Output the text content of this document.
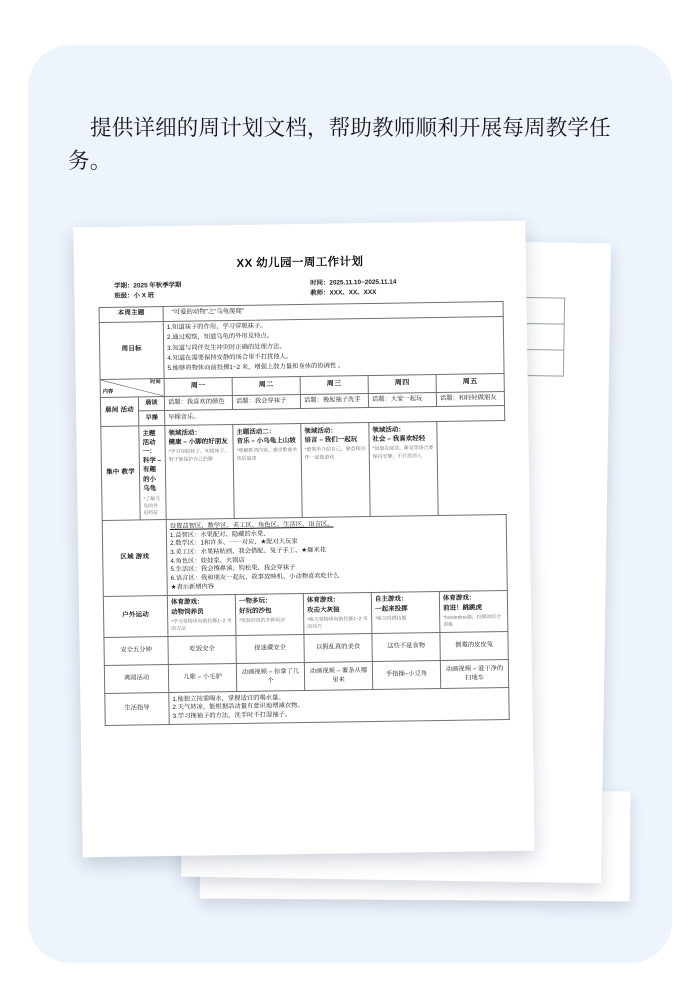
提供详细的周计划文档，帮助教师顺利开展每周教学任务。

XX 幼儿园一周工作计划
学期：2025 年秋季学期
班级：小 X 班
时间：2025.11.10~2025.11.14
教师：XXX、XX、XXX
本周主题		“可爱的动物”之“乌龟爬爬”				
周目标		1.知道袜子的作用，学习穿脱袜子。
2.通过观察，知道乌龟的外形及特点。
3.知道与同伴发生冲突时正确的处理方法。
4.知道在需要保持安静的场合里不打扰他人。
5.能够将物体向前投掷1~2 米，增强上肢力量和身体的协调性 。				

时间
内容		周一	周二	周三	周四	周五
晨间 活动	晨读	话题：我喜欢的颜色	话题：我会穿袜子	话题：挽起袖子洗手	话题：大家一起玩	话题：和轻轻做朋友
	早操	早操音乐。				
集中 教学	主题活动一：
科学 – 有趣的小乌龟
*了解乌龟的外形特征	领域活动：
健康 – 小脚的好朋友
*学习穿脱袜子、知道袜子、鞋子能保护自己的脚	主题活动二：
音乐 – 小乌龟上山坡
*理解歌词内容，感受歌曲欢快的旋律	领域活动：
语言 – 我们一起玩
*能简单介绍自己，愿意和同伴一起做游戏	领域活动：
社会 – 我喜欢轻轻
*知道在阅读、睡觉等场合要保持安静，不打扰别人	

区域 游戏	
设置益智区、数学区、美工区、角色区、生活区、语言区。
1.益智区：水果配对、隐藏的水果、
2.数学区：1和许多、一一对应、★配对大玩家
3.美工区：水果粘贴画、我会搭配、兔子手工、★爆米花
4.角色区：娃娃家、火锅店
5.生活区：我会擦鼻涕、钩松果、我会穿袜子
6.语言区：我和朋友一起玩、故事放映机、小动物喜欢吃什么
★表示新增内容

户外运动		体育游戏：
动物饲养员
*学习将物体向前投掷1~2 米的方法	一物多玩：
好玩的沙包
*体验沙包的多种玩法	体育游戏：
攻击大灰狼
*练习将物体向前投掷1~2 米的技巧	自主游戏：
一起来投掷
*练习投掷技能	体育游戏：
前进！跳跳虎
*borderline跑、投掷的综合训练

安全五分钟		吃饭安全	捉迷藏安全	以假乱真的美食	这些不是食物	倒霉的皮皮兔
离园活动		儿歌 – 小毛驴	动画视频 – 你拿了几个	动画视频 – 薯条从哪里来	手指操–小豆角	动画视频 – 爱干净的扫地车
生活指导		1.能独立按需喝水，掌握适宜的喝水量。
2.天气转凉，能根据活动量有意识地增减衣物。
3.学习挽袖子的方法，洗手时不打湿袖子。				
